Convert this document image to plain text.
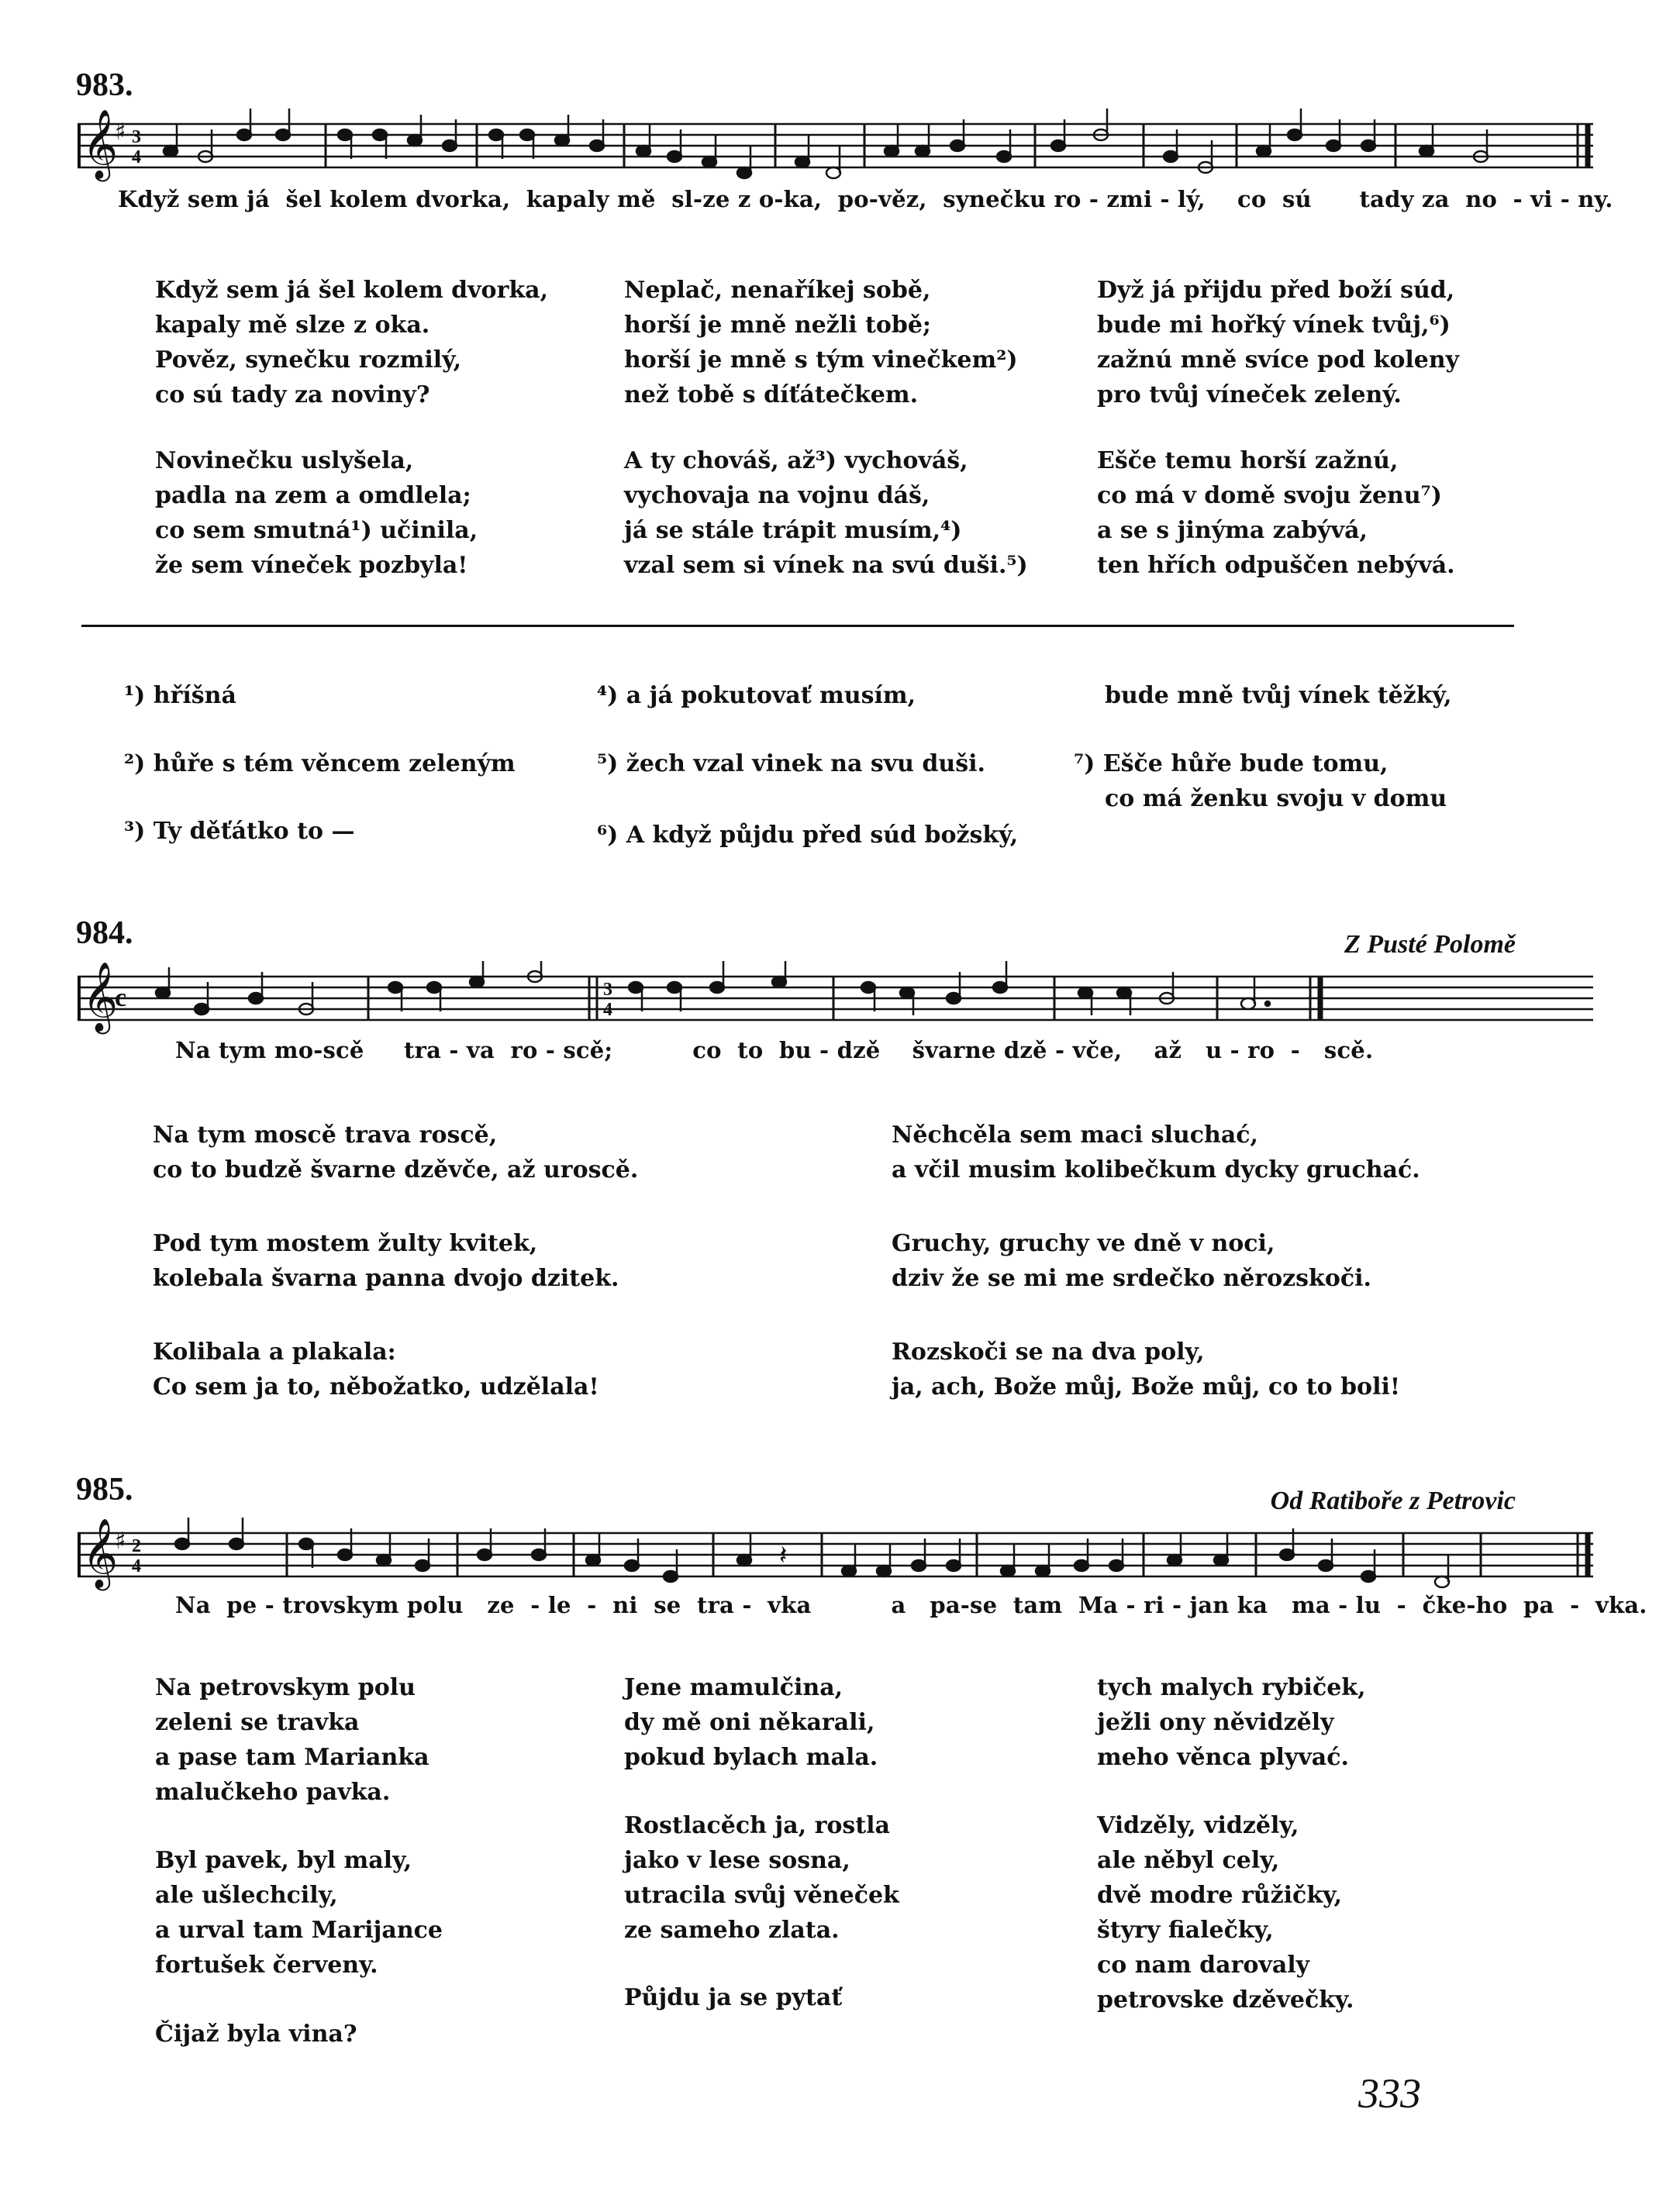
983.
𝄞
♯ 3
4
Když sem já  šel kolem dvorka,  kapaly mě  sl-ze z o-ka,  po-věz,  synečku ro - zmi - lý,    co  sú      tady za  no  - vi - ny.
Když sem já šel kolem dvorka,
kapaly mě slze z oka.
Pověz, synečku rozmilý,
co sú tady za noviny?
Novinečku uslyšela,
padla na zem a omdlela;
co sem smutná¹) učinila,
že sem víneček pozbyla!
Neplač, nenaříkej sobě,
horší je mně nežli tobě;
horší je mně s tým vinečkem²)
než tobě s díťátečkem.
A ty chováš, až³) vychováš,
vychovaja na vojnu dáš,
já se stále trápit musím,⁴)
vzal sem si vínek na svú duši.⁵)
Dyž já přijdu před boží súd,
bude mi hořký vínek tvůj,⁶)
zažnú mně svíce pod koleny
pro tvůj víneček zelený.
Ešče temu horší zažnú,
co má v domě svoju ženu⁷)
a se s jinýma zabývá,
ten hřích odpuščen nebývá.
¹) hříšná
²) hůře s tém věncem zeleným
³) Ty děťátko to —
⁴) a já pokutovať musím,
⁵) žech vzal vinek na svu duši.
⁶) A když půjdu před súd božský,
bude mně tvůj vínek těžký,
⁷) Ešče hůře bude tomu,
co má ženku svoju v domu
984.	Z Pusté Polomě
𝄞
c	3
4
Na tym mo-scě     tra - va  ro - scě;          co  to  bu - dzě    švarne dzě - vče,    až   u - ro  -   scě.
Na tym moscě trava roscě,
co to budzě švarne dzěvče, až uroscě.
Pod tym mostem žulty kvitek,
kolebala švarna panna dvojo dzitek.
Kolibala a plakala:
Co sem ja to, něbožatko, udzělala!
Něchcěla sem maci sluchać,
a včil musim kolibečkum dycky gruchać.
Gruchy, gruchy ve dně v noci,
dziv že se mi me srdečko něrozskoči.
Rozskoči se na dva poly,
ja, ach, Bože můj, Bože můj, co to boli!
985.	Od Ratiboře z Petrovic
𝄞
♯ 2
4	𝄽
Na  pe - trovskym polu   ze  - le  -  ni  se  tra -  vka          a   pa-se  tam  Ma - ri - jan ka   ma - lu  -  čke-ho  pa  -  vka.
Na petrovskym polu
zeleni se travka
a pase tam Marianka
malučkeho pavka.
Byl pavek, byl maly,
ale ušlechcily,
a urval tam Marijance
fortušek červeny.
Čijaž byla vina?
Jene mamulčina,
dy mě oni někarali,
pokud bylach mala.
Rostlacěch ja, rostla
jako v lese sosna,
utracila svůj věneček
ze sameho zlata.
Půjdu ja se pytať
tych malych rybiček,
ježli ony něvidzěly
meho věnca plyvać.
Vidzěly, vidzěly,
ale něbyl cely,
dvě modre růžičky,
štyry fialečky,
co nam darovaly
petrovske dzěvečky.
333
